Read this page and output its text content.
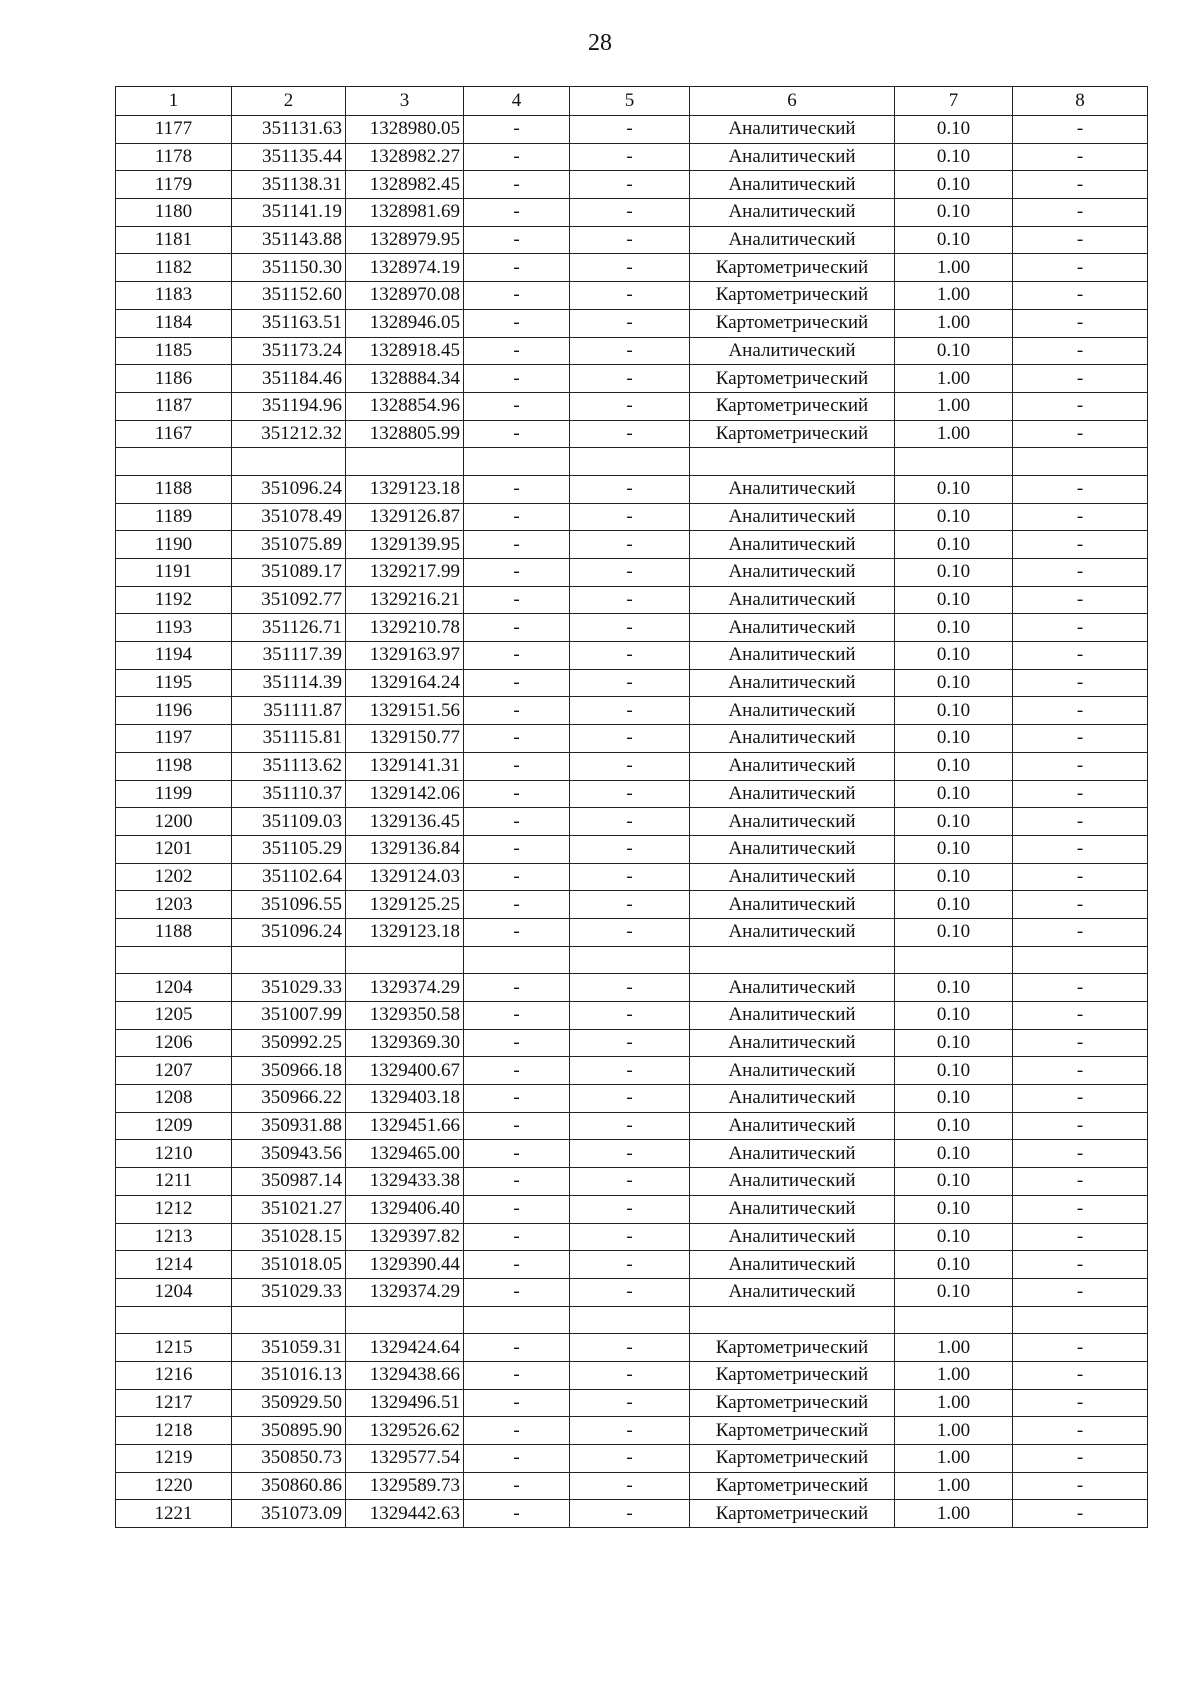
28
1	2	3	4	5	6	7	8
1177	351131.63	1328980.05	-	-	Аналитический	0.10	-
1178	351135.44	1328982.27	-	-	Аналитический	0.10	-
1179	351138.31	1328982.45	-	-	Аналитический	0.10	-
1180	351141.19	1328981.69	-	-	Аналитический	0.10	-
1181	351143.88	1328979.95	-	-	Аналитический	0.10	-
1182	351150.30	1328974.19	-	-	Картометрический	1.00	-
1183	351152.60	1328970.08	-	-	Картометрический	1.00	-
1184	351163.51	1328946.05	-	-	Картометрический	1.00	-
1185	351173.24	1328918.45	-	-	Аналитический	0.10	-
1186	351184.46	1328884.34	-	-	Картометрический	1.00	-
1187	351194.96	1328854.96	-	-	Картометрический	1.00	-
1167	351212.32	1328805.99	-	-	Картометрический	1.00	-

1188	351096.24	1329123.18	-	-	Аналитический	0.10	-
1189	351078.49	1329126.87	-	-	Аналитический	0.10	-
1190	351075.89	1329139.95	-	-	Аналитический	0.10	-
1191	351089.17	1329217.99	-	-	Аналитический	0.10	-
1192	351092.77	1329216.21	-	-	Аналитический	0.10	-
1193	351126.71	1329210.78	-	-	Аналитический	0.10	-
1194	351117.39	1329163.97	-	-	Аналитический	0.10	-
1195	351114.39	1329164.24	-	-	Аналитический	0.10	-
1196	351111.87	1329151.56	-	-	Аналитический	0.10	-
1197	351115.81	1329150.77	-	-	Аналитический	0.10	-
1198	351113.62	1329141.31	-	-	Аналитический	0.10	-
1199	351110.37	1329142.06	-	-	Аналитический	0.10	-
1200	351109.03	1329136.45	-	-	Аналитический	0.10	-
1201	351105.29	1329136.84	-	-	Аналитический	0.10	-
1202	351102.64	1329124.03	-	-	Аналитический	0.10	-
1203	351096.55	1329125.25	-	-	Аналитический	0.10	-
1188	351096.24	1329123.18	-	-	Аналитический	0.10	-

1204	351029.33	1329374.29	-	-	Аналитический	0.10	-
1205	351007.99	1329350.58	-	-	Аналитический	0.10	-
1206	350992.25	1329369.30	-	-	Аналитический	0.10	-
1207	350966.18	1329400.67	-	-	Аналитический	0.10	-
1208	350966.22	1329403.18	-	-	Аналитический	0.10	-
1209	350931.88	1329451.66	-	-	Аналитический	0.10	-
1210	350943.56	1329465.00	-	-	Аналитический	0.10	-
1211	350987.14	1329433.38	-	-	Аналитический	0.10	-
1212	351021.27	1329406.40	-	-	Аналитический	0.10	-
1213	351028.15	1329397.82	-	-	Аналитический	0.10	-
1214	351018.05	1329390.44	-	-	Аналитический	0.10	-
1204	351029.33	1329374.29	-	-	Аналитический	0.10	-

1215	351059.31	1329424.64	-	-	Картометрический	1.00	-
1216	351016.13	1329438.66	-	-	Картометрический	1.00	-
1217	350929.50	1329496.51	-	-	Картометрический	1.00	-
1218	350895.90	1329526.62	-	-	Картометрический	1.00	-
1219	350850.73	1329577.54	-	-	Картометрический	1.00	-
1220	350860.86	1329589.73	-	-	Картометрический	1.00	-
1221	351073.09	1329442.63	-	-	Картометрический	1.00	-
